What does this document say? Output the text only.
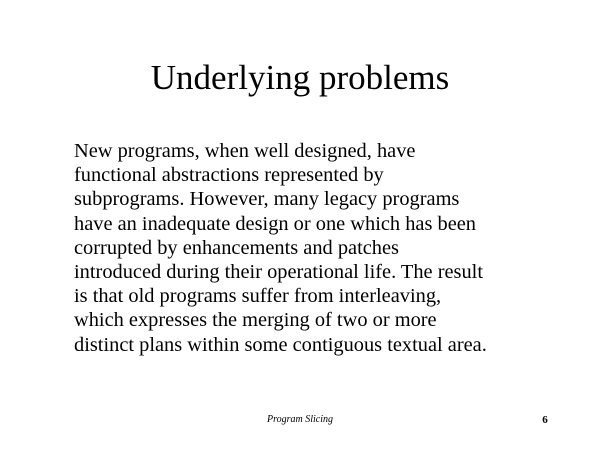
Underlying problems

New programs, when well designed, have
functional abstractions represented by
subprograms. However, many legacy programs
have an inadequate design or one which has been
corrupted by enhancements and patches
introduced during their operational life. The result
is that old programs suffer from interleaving,
which expresses the merging of two or more
distinct plans within some contiguous textual area.

Program Slicing	6
